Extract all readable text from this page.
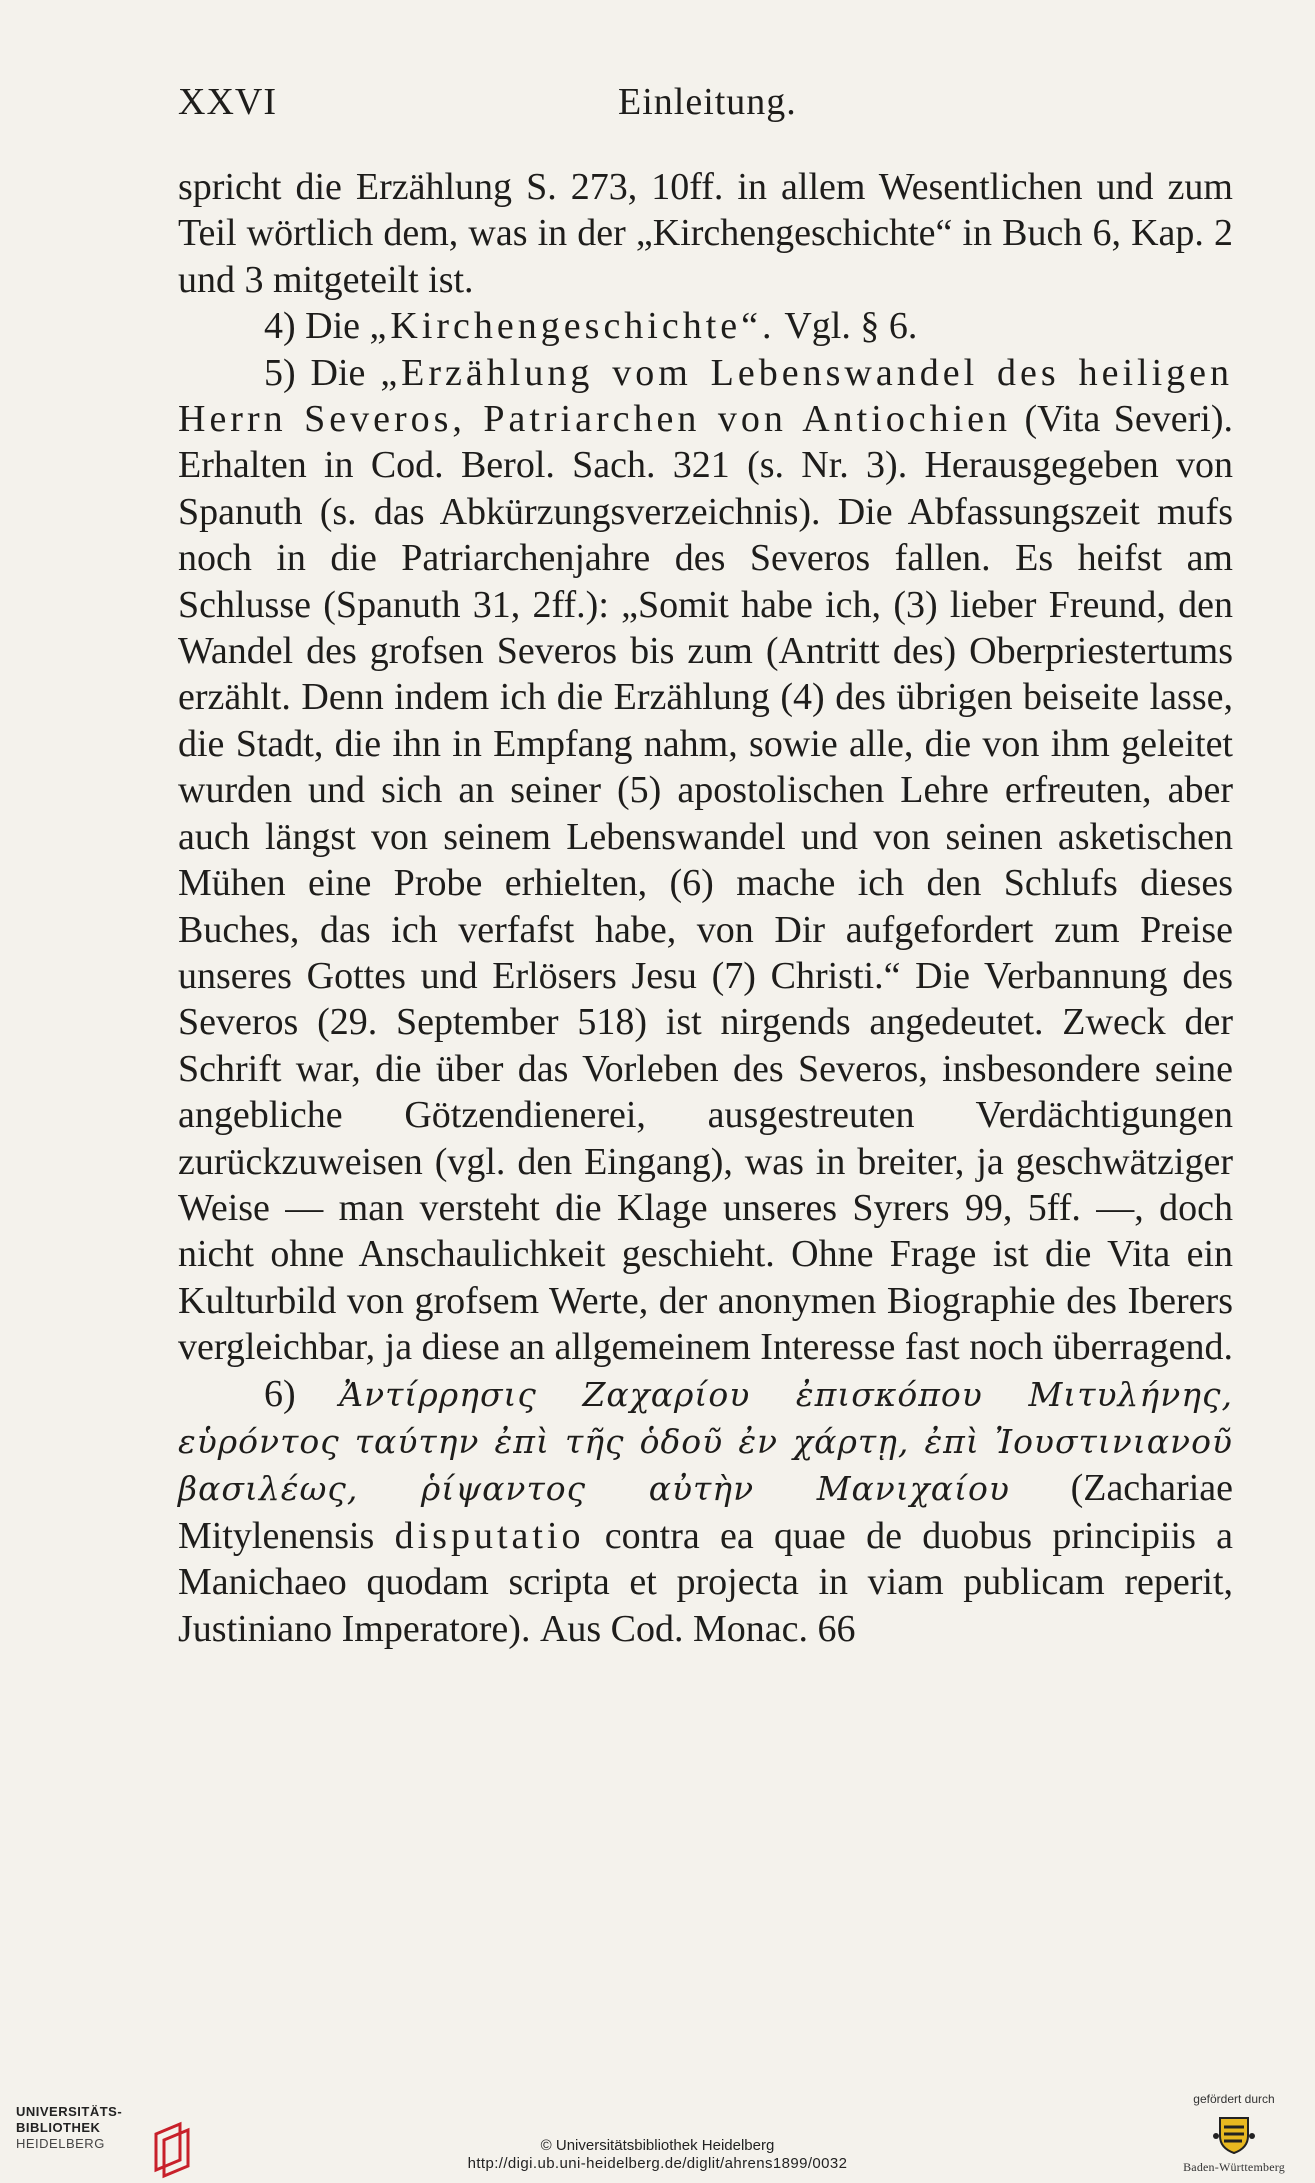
XXVI	Einleitung.

spricht die Erzählung S. 273, 10ff. in allem Wesentlichen und zum Teil wörtlich dem, was in der „Kirchengeschichte“ in Buch 6, Kap. 2 und 3 mitgeteilt ist.

4) Die „Kirchengeschichte“. Vgl. § 6.

5) Die „Erzählung vom Lebenswandel des heiligen Herrn Severos, Patriarchen von Antiochien (Vita Severi). Erhalten in Cod. Berol. Sach. 321 (s. Nr. 3). Herausgegeben von Spanuth (s. das Abkürzungsverzeichnis). Die Abfassungszeit mufs noch in die Patriarchenjahre des Severos fallen. Es heifst am Schlusse (Spanuth 31, 2ff.): „Somit habe ich, (3) lieber Freund, den Wandel des grofsen Severos bis zum (Antritt des) Oberpriestertums erzählt. Denn indem ich die Erzählung (4) des übrigen beiseite lasse, die Stadt, die ihn in Empfang nahm, sowie alle, die von ihm geleitet wurden und sich an seiner (5) apostolischen Lehre erfreuten, aber auch längst von seinem Lebenswandel und von seinen asketischen Mühen eine Probe erhielten, (6) mache ich den Schlufs dieses Buches, das ich verfafst habe, von Dir aufgefordert zum Preise unseres Gottes und Erlösers Jesu (7) Christi.“ Die Verbannung des Severos (29. September 518) ist nirgends angedeutet. Zweck der Schrift war, die über das Vorleben des Severos, insbesondere seine angebliche Götzendienerei, ausgestreuten Verdächtigungen zurückzuweisen (vgl. den Eingang), was in breiter, ja geschwätziger Weise — man versteht die Klage unseres Syrers 99, 5ff. —, doch nicht ohne Anschaulichkeit geschieht. Ohne Frage ist die Vita ein Kulturbild von grofsem Werte, der anonymen Biographie des Iberers vergleichbar, ja diese an allgemeinem Interesse fast noch überragend.

6) Ἀντίρρησις Ζαχαρίου ἐπισκόπου Μιτυλήνης, εὑρόντος ταύτην ἐπὶ τῆς ὁδοῦ ἐν χάρτῃ, ἐπὶ Ἰουστινιανοῦ βασιλέως, ῥίψαντος αὐτὴν Μανιχαίου (Zachariae Mitylenensis disputatio contra ea quae de duobus principiis a Manichaeo quodam scripta et projecta in viam publicam reperit, Justiniano Imperatore). Aus Cod. Monac. 66

UNIVERSITÄTS-
BIBLIOTHEK
HEIDELBERG	© Universitätsbibliothek Heidelberg
http://digi.ub.uni-heidelberg.de/diglit/ahrens1899/0032
gefördert durch
Baden-Württemberg
